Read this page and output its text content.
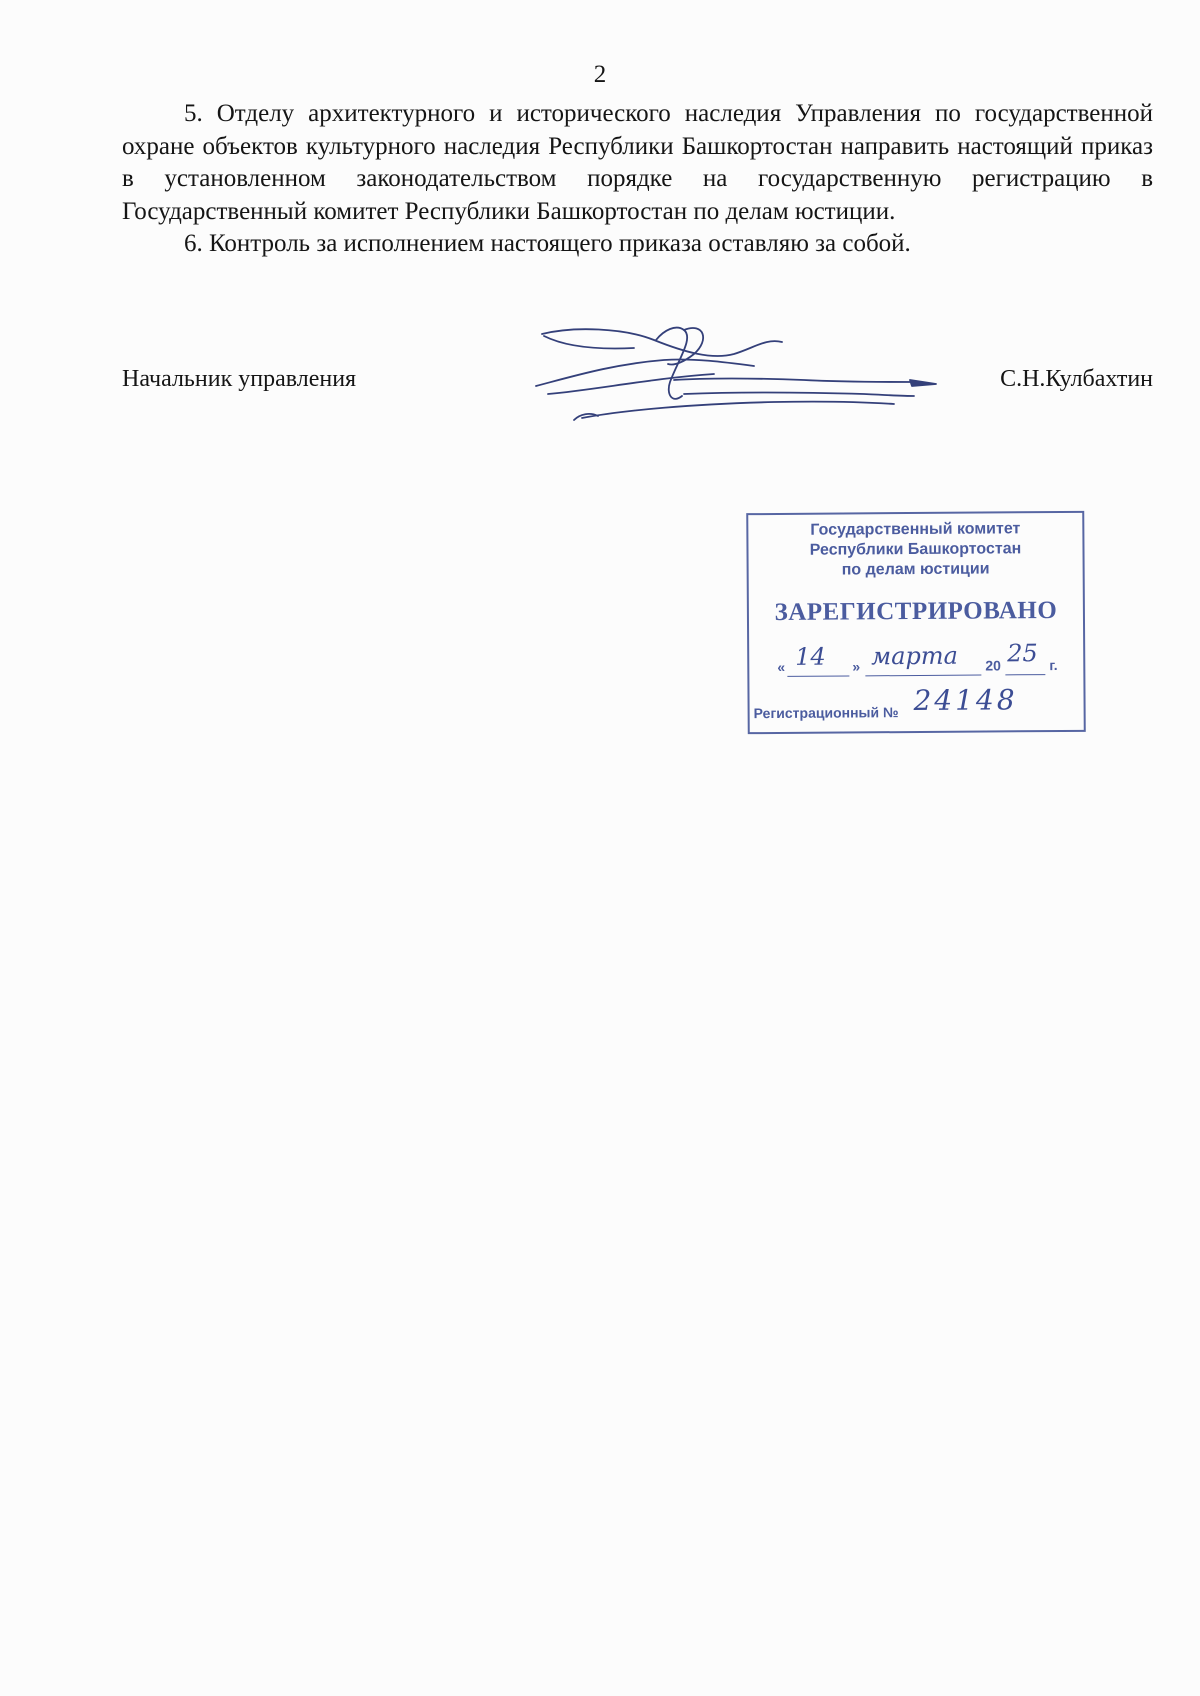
2

5. Отделу архитектурного и исторического наследия Управления по государственной охране объектов культурного наследия Республики Башкортостан направить настоящий приказ в установленном законодательством порядке на государственную регистрацию в Государственный комитет Республики Башкортостан по делам юстиции.

6. Контроль за исполнением настоящего приказа оставляю за собой.

Начальник управления	С.Н.Кулбахтин
Государственный комитет
Республики Башкортостан
по делам юстиции
ЗАРЕГИСТРИРОВАНО
« 14 » марта 20 25 г.
Регистрационный № 24148
